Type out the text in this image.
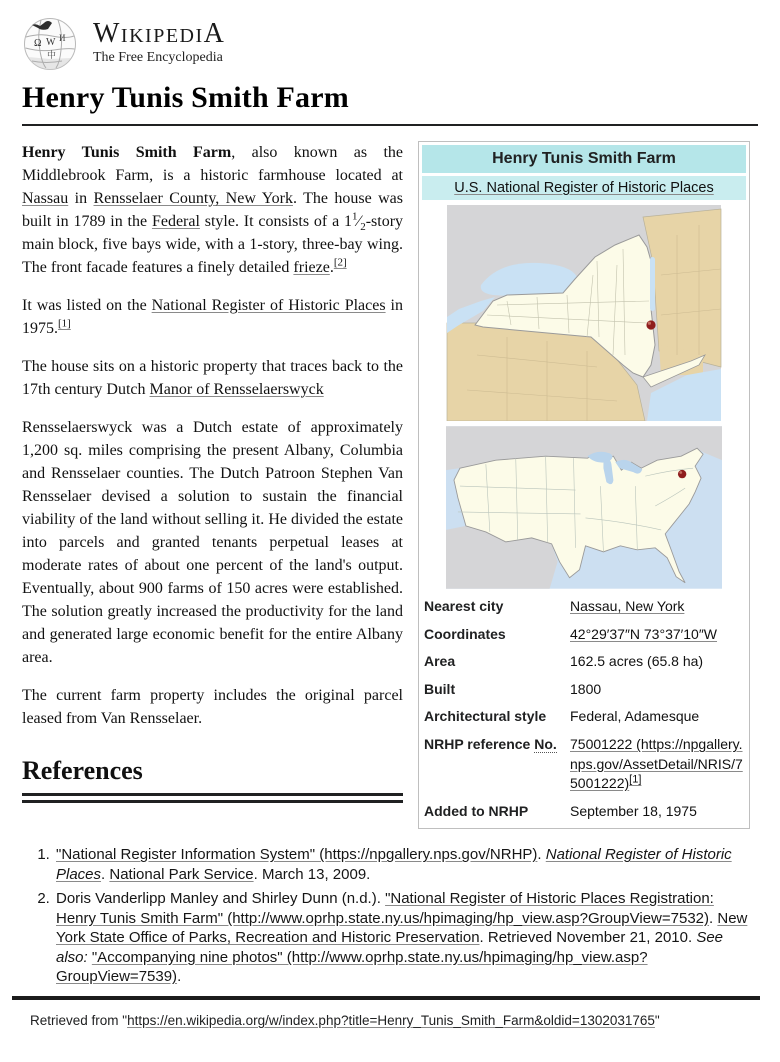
Ω W И
中
WikipediA
The Free Encyclopedia
Henry Tunis Smith Farm

Henry Tunis Smith Farm, also known as the Middlebrook Farm, is a historic farmhouse located at Nassau in Rensselaer County, New York. The house was built in 1789 in the Federal style. It consists of a $1^1⁄_2$-story main block, five bays wide, with a 1-story, three-bay wing. The front facade features a finely detailed frieze.[2]

It was listed on the National Register of Historic Places in 1975.[1]

The house sits on a historic property that traces back to the 17th century Dutch Manor of Rensselaerswyck

Rensselaerswyck was a Dutch estate of approximately 1,200 sq. miles comprising the present Albany, Columbia and Rensselaer counties. The Dutch Patroon Stephen Van Rensselaer devised a solution to sustain the financial viability of the land without selling it. He divided the estate into parcels and granted tenants perpetual leases at moderate rates of about one percent of the land's output. Eventually, about 900 farms of 150 acres were established. The solution greatly increased the productivity for the land and generated large economic benefit for the entire Albany area.

The current farm property includes the original parcel leased from Van Rensselaer.

References
Henry Tunis Smith Farm
U.S. National Register of Historic Places
Nearest city	Nassau, New York
Coordinates	42°29′37″N 73°37′10″W
Area	162.5 acres (65.8 ha)
Built	1800
Architectural style	Federal, Adamesque
NRHP reference No.	75001222 (https://npgallery.nps.gov/AssetDetail/NRIS/75001222)[1]
Added to NRHP	September 18, 1975
1. "National Register Information System" (https://npgallery.nps.gov/NRHP). National Register of Historic Places. National Park Service. March 13, 2009.
2. Doris Vanderlipp Manley and Shirley Dunn (n.d.). "National Register of Historic Places Registration: Henry Tunis Smith Farm" (http://www.oprhp.state.ny.us/hpimaging/hp_view.asp?GroupView=7532). New York State Office of Parks, Recreation and Historic Preservation. Retrieved November 21, 2010. See also: "Accompanying nine photos" (http://www.oprhp.state.ny.us/hpimaging/hp_view.asp?GroupView=7539).
Retrieved from "https://en.wikipedia.org/w/index.php?title=Henry_Tunis_Smith_Farm&oldid=1302031765"
